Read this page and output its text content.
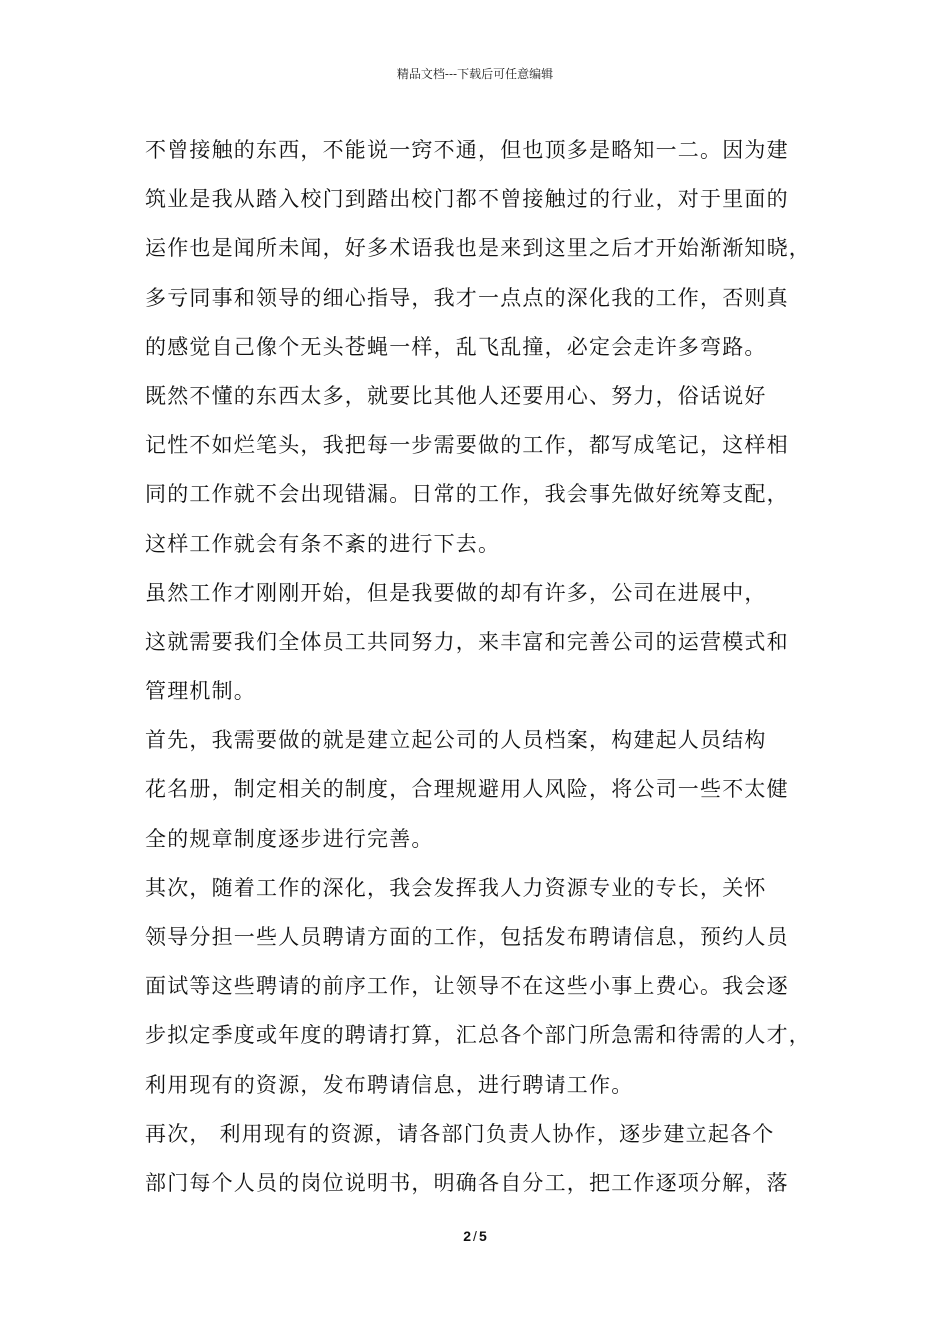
精品文档---下载后可任意编辑

不曾接触的东西，不能说一窍不通，但也顶多是略知一二。因为建
筑业是我从踏入校门到踏出校门都不曾接触过的行业，对于里面的
运作也是闻所未闻，好多术语我也是来到这里之后才开始渐渐知晓，
多亏同事和领导的细心指导，我才一点点的深化我的工作，否则真
的感觉自己像个无头苍蝇一样，乱飞乱撞，必定会走许多弯路。

既然不懂的东西太多，就要比其他人还要用心、努力，俗话说好
记性不如烂笔头，我把每一步需要做的工作，都写成笔记，这样相
同的工作就不会出现错漏。日常的工作，我会事先做好统筹支配，
这样工作就会有条不紊的进行下去。

虽然工作才刚刚开始，但是我要做的却有许多，公司在进展中，
这就需要我们全体员工共同努力，来丰富和完善公司的运营模式和
管理机制。

首先，我需要做的就是建立起公司的人员档案，构建起人员结构
花名册，制定相关的制度，合理规避用人风险，将公司一些不太健
全的规章制度逐步进行完善。

其次，随着工作的深化，我会发挥我人力资源专业的专长，关怀
领导分担一些人员聘请方面的工作，包括发布聘请信息，预约人员
面试等这些聘请的前序工作，让领导不在这些小事上费心。我会逐
步拟定季度或年度的聘请打算，汇总各个部门所急需和待需的人才，
利用现有的资源，发布聘请信息，进行聘请工作。

再次， 利用现有的资源，请各部门负责人协作，逐步建立起各个
部门每个人员的岗位说明书，明确各自分工，把工作逐项分解，落

2 / 5
